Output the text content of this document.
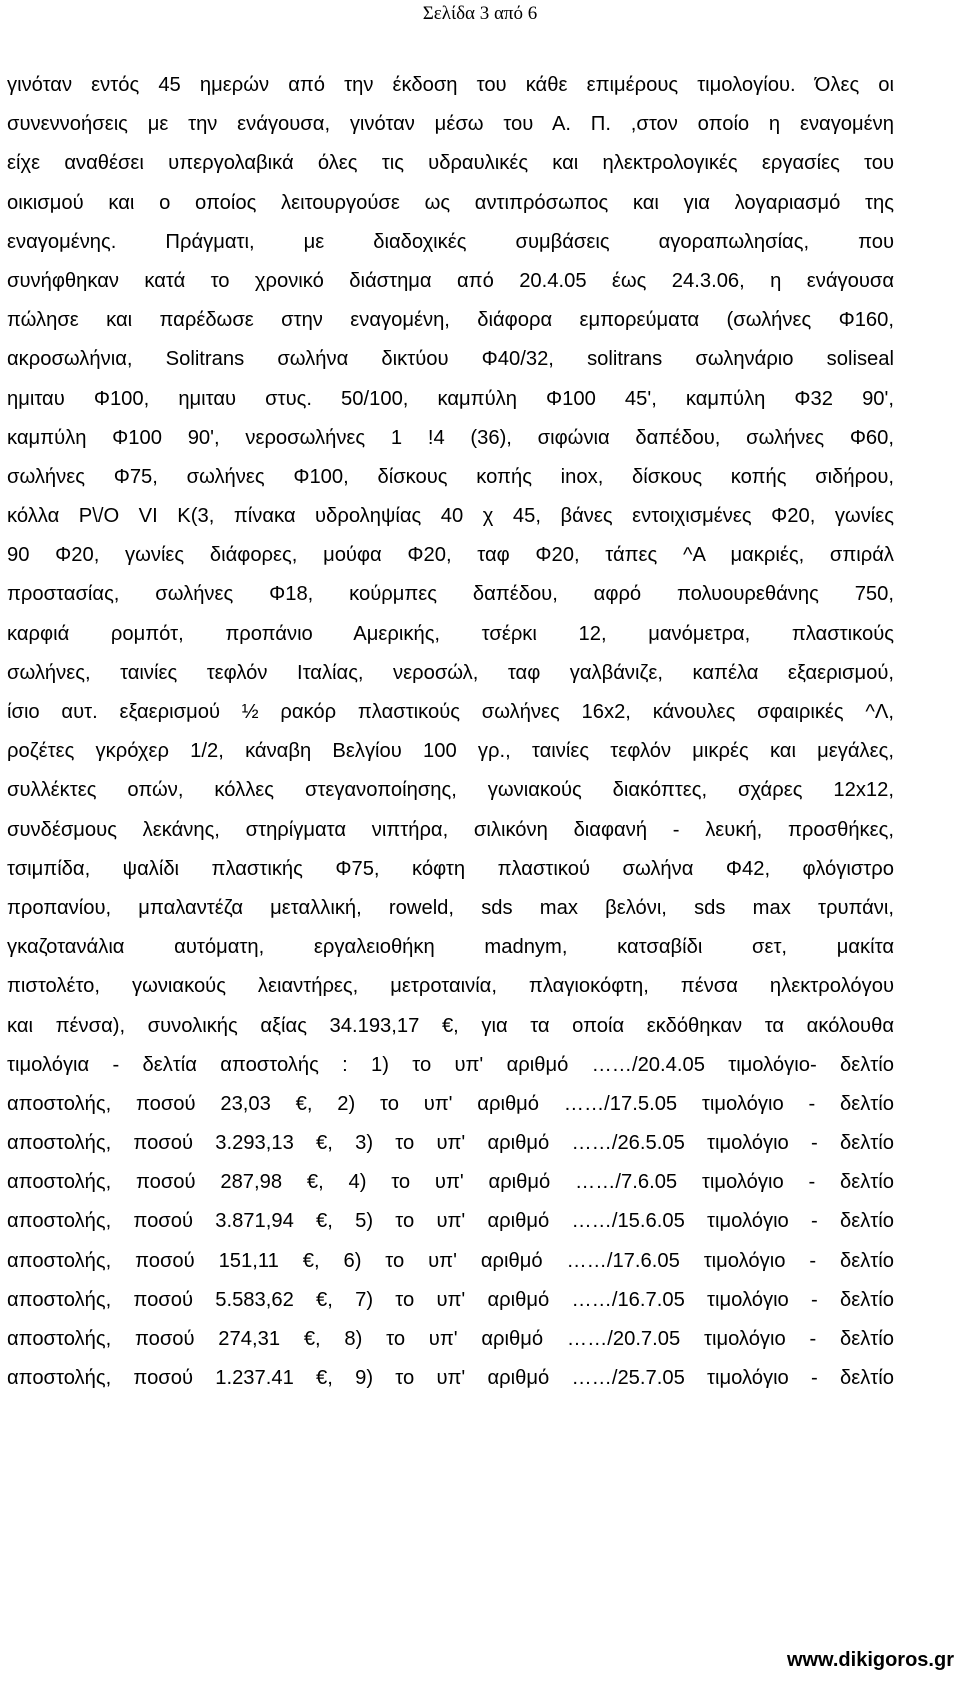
Σελίδα 3 από 6
γινόταν εντός 45 ημερών από την έκδοση του κάθε επιμέρους τιμολογίου. Όλες οι
συνεννοήσεις με την ενάγουσα, γινόταν μέσω του Α. Π. ,στον οποίο η εναγομένη
είχε αναθέσει υπεργολαβικά όλες τις υδραυλικές και ηλεκτρολογικές εργασίες του
οικισμού και ο οποίος λειτουργούσε ως αντιπρόσωπος και για λογαριασμό της
εναγομένης. Πράγματι, με διαδοχικές συμβάσεις αγοραπωλησίας, που
συνήφθηκαν κατά το χρονικό διάστημα από 20.4.05 έως 24.3.06, η ενάγουσα
πώλησε και παρέδωσε στην εναγομένη, διάφορα εμπορεύματα (σωλήνες Φ160,
ακροσωλήνια, Solitrans σωλήνα δικτύου Φ40/32, solitrans σωληνάριο soliseal
ημιταυ Φ100, ημιταυ στυς. 50/100, καμπύλη Φ100 45', καμπύλη Φ32 90',
καμπύλη Φ100 90', νεροσωλήνες 1 !4 (36), σιφώνια δαπέδου, σωλήνες Φ60,
σωλήνες Φ75, σωλήνες Φ100, δίσκους κοπής inox, δίσκους κοπής σιδήρου,
κόλλα Ρ\/Ο VI Κ(3, πίνακα υδροληψίας 40 χ 45, βάνες εντοιχισμένες Φ20, γωνίες
90 Φ20, γωνίες διάφορες, μούφα Φ20, ταφ Φ20, τάπες ^Α μακριές, σπιράλ
προστασίας, σωλήνες Φ18, κούρμπες δαπέδου, αφρό πολυουρεθάνης 750,
καρφιά ρομπότ, προπάνιο Αμερικής, τσέρκι 12, μανόμετρα, πλαστικούς
σωλήνες, ταινίες τεφλόν Ιταλίας, νεροσώλ, ταφ γαλβάνιζε, καπέλα εξαερισμού,
ίσιο αυτ. εξαερισμού ½ ρακόρ πλαστικούς σωλήνες 16x2, κάνουλες σφαιρικές ^Λ,
ροζέτες γκρόχερ 1/2, κάναβη Βελγίου 100 γρ., ταινίες τεφλόν μικρές και μεγάλες,
συλλέκτες οπών, κόλλες στεγανοποίησης, γωνιακούς διακόπτες, σχάρες 12x12,
συνδέσμους λεκάνης, στηρίγματα νιπτήρα, σιλικόνη διαφανή - λευκή, προσθήκες,
τσιμπίδα, ψαλίδι πλαστικής Φ75, κόφτη πλαστικού σωλήνα Φ42, φλόγιστρο
προπανίου, μπαλαντέζα μεταλλική, roweld, sds max βελόνι, sds max τρυπάνι,
γκαζοτανάλια αυτόματη, εργαλειοθήκη madnym, κατσαβίδι σετ, μακίτα
πιστολέτο, γωνιακούς λειαντήρες, μετροταινία, πλαγιοκόφτη, πένσα ηλεκτρολόγου
και πένσα), συνολικής αξίας 34.193,17 €, για τα οποία εκδόθηκαν τα ακόλουθα
τιμολόγια - δελτία αποστολής : 1) το υπ' αριθμό ……/20.4.05 τιμολόγιο- δελτίο
αποστολής, ποσού 23,03 €, 2) το υπ' αριθμό ……/17.5.05 τιμολόγιο - δελτίο
αποστολής, ποσού 3.293,13 €, 3) το υπ' αριθμό ……/26.5.05 τιμολόγιο - δελτίο
αποστολής, ποσού 287,98 €, 4) το υπ' αριθμό ……/7.6.05 τιμολόγιο - δελτίο
αποστολής, ποσού 3.871,94 €, 5) το υπ' αριθμό ……/15.6.05 τιμολόγιο - δελτίο
αποστολής, ποσού 151,11 €, 6) το υπ' αριθμό ……/17.6.05 τιμολόγιο - δελτίο
αποστολής, ποσού 5.583,62 €, 7) το υπ' αριθμό ……/16.7.05 τιμολόγιο - δελτίο
αποστολής, ποσού 274,31 €, 8) το υπ' αριθμό ……/20.7.05 τιμολόγιο - δελτίο
αποστολής, ποσού 1.237.41 €, 9) το υπ' αριθμό ……/25.7.05 τιμολόγιο - δελτίο
www.dikigoros.gr
